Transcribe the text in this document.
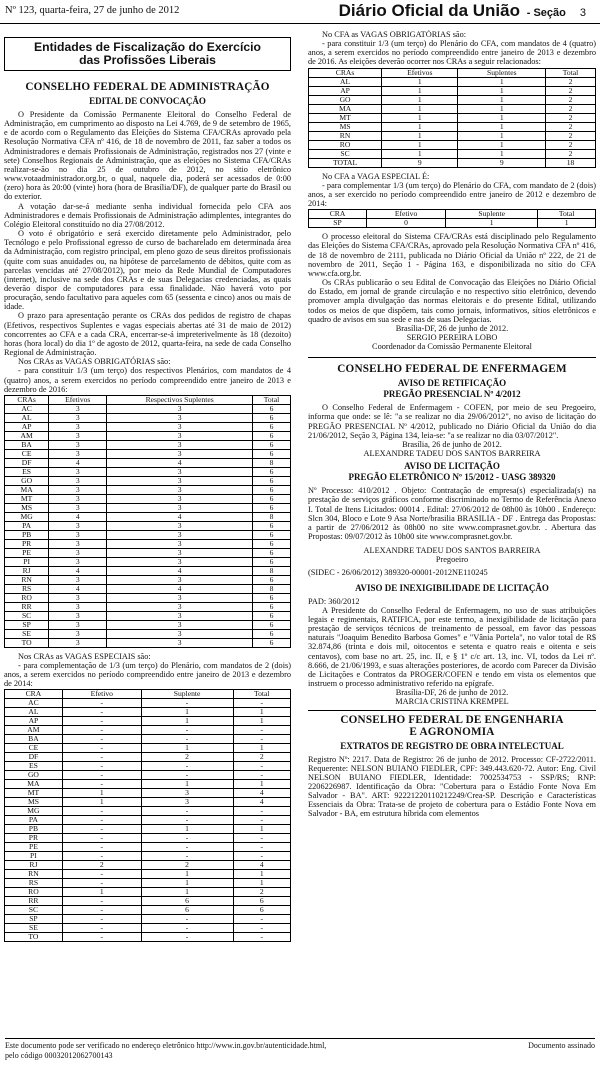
Nº 123, quarta-feira, 27 de junho de 2012	Diário Oficial da União - Seção 3
Entidades de Fiscalização do Exercício
das Profissões Liberais
CONSELHO FEDERAL DE ADMINISTRAÇÃO
EDITAL DE CONVOCAÇÃO

O Presidente da Comissão Permanente Eleitoral do Conselho Federal de Administração, em cumprimento ao disposto na Lei 4.769, de 9 de setembro de 1965, e de acordo com o Regulamento das Eleições do Sistema CFA/CRAs aprovado pela Resolução Normativa CFA nº 416, de 18 de novembro de 2011, faz saber a todos os Administradores e demais Profissionais de Administração, registrados nos 27 (vinte e sete) Conselhos Regionais de Administração, que as eleições no Sistema CFA/CRAs realizar-se-ão no dia 25 de outubro de 2012, no sítio eletrônico www.votaadministrador.org.br, o qual, naquele dia, poderá ser acessados de 0:00 (zero) hora às 20:00 (vinte) hora (hora de Brasília/DF), de qualquer parte do Brasil ou do exterior.

A votação dar-se-á mediante senha individual fornecida pelo CFA aos Administradores e demais Profissionais de Administração adimplentes, integrantes do Colégio Eleitoral constituído no dia 27/08/2012.

O voto é obrigatório e será exercido diretamente pelo Administrador, pelo Tecnólogo e pelo Profissional egresso de curso de bacharelado em determinada área da Administração, com registro principal, em pleno gozo de seus direitos profissionais (quite com suas anuidades ou, na hipótese de parcelamento de débitos, quite com as parcelas vencidas até 27/08/2012), por meio da Rede Mundial de Computadores (internet), inclusive na sede dos CRAs e de suas Delegacias credenciadas, as quais deverão dispor de computadores para essa finalidade. Não haverá voto por procuração, sendo facultativo para aqueles com 65 (sessenta e cinco) anos ou mais de idade.

O prazo para apresentação perante os CRAs dos pedidos de registro de chapas (Efetivos, respectivos Suplentes e vagas especiais abertas até 31 de maio de 2012) concorrentes ao CFA e a cada CRA, encerrar-se-á impreterivelmente às 18 (dezoito) horas (hora local) do dia 1º de agosto de 2012, quarta-feira, na sede de cada Conselho Regional de Administração.

Nos CRAs as VAGAS OBRIGATÓRIAS são:

- para constituir 1/3 (um terço) dos respectivos Plenários, com mandatos de 4 (quatro) anos, a serem exercidos no período compreendido entre janeiro de 2013 e dezembro de 2016:

CRAs	Efetivos	Respectivos Suplentes	Total
AC	3	3	6
AL	3	3	6
AP	3	3	6
AM	3	3	6
BA	3	3	6
CE	3	3	6
DF	4	4	8
ES	3	3	6
GO	3	3	6
MA	3	3	6
MT	3	3	6
MS	3	3	6
MG	4	4	8
PA	3	3	6
PB	3	3	6
PR	3	3	6
PE	3	3	6
PI	3	3	6
RJ	4	4	8
RN	3	3	6
RS	4	4	8
RO	3	3	6
RR	3	3	6
SC	3	3	6
SP	3	3	6
SE	3	3	6
TO	3	3	6

Nos CRAs as VAGAS ESPECIAIS são:

- para complementação de 1/3 (um terço) do Plenário, com mandatos de 2 (dois) anos, a serem exercidos no período compreendido entre janeiro de 2013 e dezembro de 2014:

CRA	Efetivo	Suplente	Total
AC	-	-	-
AL	-	1	1
AP	-	1	1
AM	-	-	-
BA	-	-	-
CE	-	1	1
DF	-	2	2
ES	-	-	-
GO	-	-	-
MA	-	1	1
MT	1	3	4
MS	1	3	4
MG	-	-	-
PA	-	-	-
PB	-	1	1
PR	-	-	-
PE	-	-	-
PI	-	-	-
RJ	2	2	4
RN	-	1	1
RS	-	1	1
RO	1	1	2
RR	-	6	6
SC	-	6	6
SP	-	-	-
SE	-	-	-
TO	-	-	-

No CFA as VAGAS OBRIGATÓRIAS são:

- para constituir 1/3 (um terço) do Plenário do CFA, com mandatos de 4 (quatro) anos, a serem exercidos no período compreendido entre janeiro de 2013 e dezembro de 2016. As eleições deverão ocorrer nos CRAs a seguir relacionados:

CRAs	Efetivos	Suplentes	Total
AL	1	1	2
AP	1	1	2
GO	1	1	2
MA	1	1	2
MT	1	1	2
MS	1	1	2
RN	1	1	2
RO	1	1	2
SC	1	1	2
TOTAL	9	9	18

No CFA a VAGA ESPECIAL É:

- para complementar 1/3 (um terço) do Plenário do CFA, com mandato de 2 (dois) anos, a ser exercido no período compreendido entre janeiro de 2012 e dezembro de 2014:

CRA	Efetivo	Suplente	Total
SP	0	1	1

O processo eleitoral do Sistema CFA/CRAs está disciplinado pelo Regulamento das Eleições do Sistema CFA/CRAs, aprovado pela Resolução Normativa CFA nº 416, de 18 de novembro de 2111, publicada no Diário Oficial da União nº 222, de 21 de novembro de 2011, Seção 1 - Página 163, e disponibilizada no sítio do CFA www.cfa.org.br.

Os CRAs publicarão o seu Edital de Convocação das Eleições no Diário Oficial do Estado, em jornal de grande circulação e no respectivo sítio eletrônico, devendo promover ampla divulgação das normas eleitorais e do presente Edital, utilizando todos os meios de que dispõem, tais como jornais, informativos, sítios eletrônicos e quadro de avisos em sua sede e nas de suas Delegacias.

Brasília-DF, 26 de junho de 2012.

SERGIO PEREIRA LOBO

Coordenador da Comissão Permanente Eleitoral

CONSELHO FEDERAL DE ENFERMAGEM
AVISO DE RETIFICAÇÃO
PREGÃO PRESENCIAL Nº 4/2012

O Conselho Federal de Enfermagem - COFEN, por meio de seu Pregoeiro, informa que onde: se lê: "a se realizar no dia 29/06/2012", no aviso de licitação do PREGÃO PRESENCIAL Nº 4/2012, publicado no Diário Oficial da União do dia 21/06/2012, Seção 3, Página 134, leia-se: "a se realizar no dia 03/07/2012".

Brasília, 26 de junho de 2012.

ALEXANDRE TADEU DOS SANTOS BARREIRA

AVISO DE LICITAÇÃO
PREGÃO ELETRÔNICO Nº 15/2012 - UASG 389320

Nº Processo: 410/2012 . Objeto: Contratação de empresa(s) especializada(s) na prestação de serviços gráficos conforme discriminado no Termo de Referência Anexo I. Total de Itens Licitados: 00014 . Edital: 27/06/2012 de 08h00 às 10h00 . Endereço: Slcn 304, Bloco e Lote 9 Asa Norte/brasilia BRASILIA - DF . Entrega das Propostas: a partir de 27/06/2012 às 08h00 no site www.comprasnet.gov.br. . Abertura das Propostas: 09/07/2012 às 10h00 site www.comprasnet.gov.br.

ALEXANDRE TADEU DOS SANTOS BARREIRA

Pregoeiro

(SIDEC - 26/06/2012) 389320-00001-2012NE110245

AVISO DE INEXIGIBILIDADE DE LICITAÇÃO

PAD: 360/2012

A Presidente do Conselho Federal de Enfermagem, no uso de suas atribuições legais e regimentais, RATIFICA, por este termo, a inexigibilidade de licitação para prestação de serviços técnicos de treinamento de pessoal, em favor das pessoas naturais "Joaquim Benedito Barbosa Gomes" e "Vânia Portela", no valor total de R$ 32.874,86 (trinta e dois mil, oitocentos e setenta e quatro reais e oitenta e seis centavos), com base no art. 25, inc. II, e § 1º c/c art. 13, inc. VI, todos da Lei nº. 8.666, de 21/06/1993, e suas alterações posteriores, de acordo com Parecer da Divisão de Licitações e Contratos da PROGER/COFEN e tendo em vista os elementos que instruem o processo administrativo referido na epígrafe.

Brasília-DF, 26 de junho de 2012.

MARCIA CRISTINA KREMPEL

CONSELHO FEDERAL DE ENGENHARIA
E AGRONOMIA
EXTRATOS DE REGISTRO DE OBRA INTELECTUAL

Registro Nº: 2217. Data de Registro: 26 de junho de 2012. Processo: CF-2722/2011. Requerente: NELSON BUIANO FIEDLER, CPF: 349.443.620-72. Autor: Eng. Civil NELSON BUIANO FIEDLER, Identidade: 7002534753 - SSP/RS; RNP: 2206226987. Identificação da Obra: "Cobertura para o Estádio Fonte Nova Em Salvador - BA". ART: 92221220110212249/Crea-SP. Descrição e Características Essenciais da Obra: Trata-se de projeto de cobertura para o Estádio Fonte Nova em Salvador - BA, em estrutura híbrida com elementos

Este documento pode ser verificado no endereço eletrônico http://www.in.gov.br/autenticidade.html,
pelo código 00032012062700143
Documento assinado
